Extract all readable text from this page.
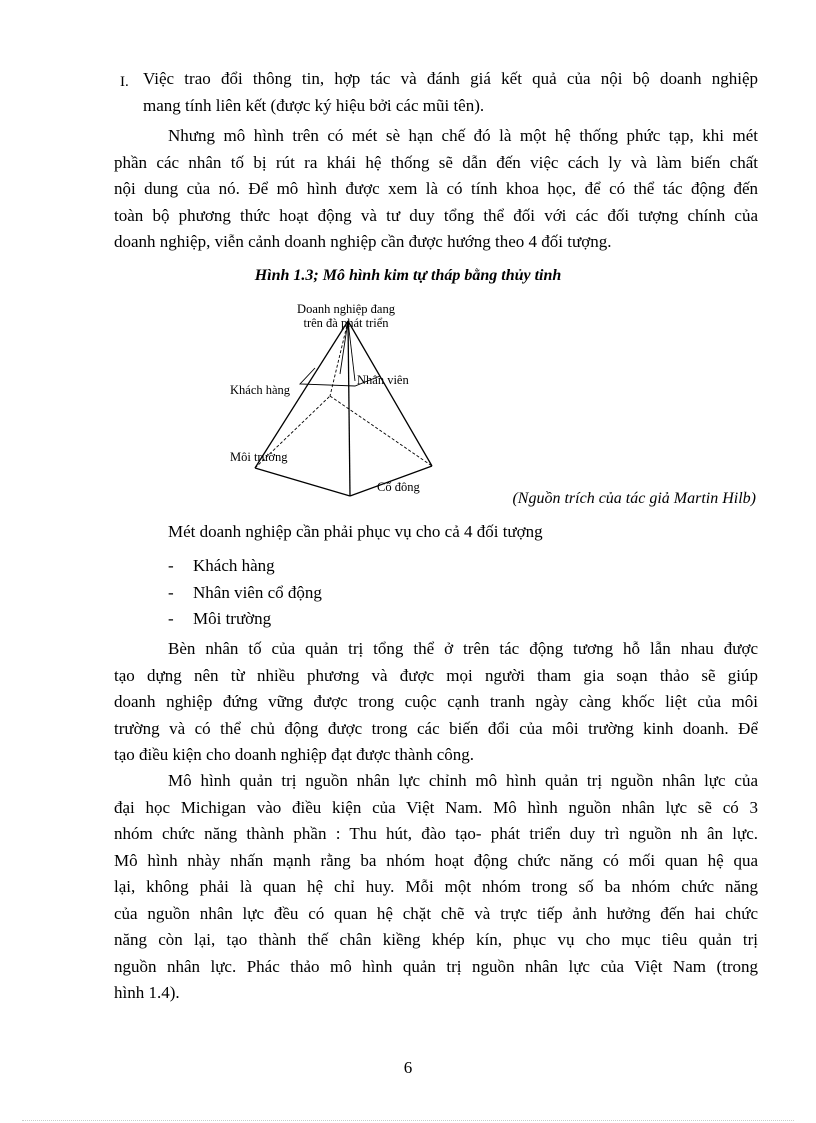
I. Việc trao đổi thông tin, hợp tác và đánh giá kết quả của nội bộ doanh nghiệp
mang tính liên kết (được ký hiệu bởi các mũi tên).
Nhưng mô hình trên có mét sè hạn chế đó là một hệ thống phức tạp, khi mét
phần các nhân tố bị rút ra khái hệ thống sẽ dẫn đến việc cách ly và làm biến chất
nội dung của nó. Để mô hình được xem là có tính khoa học, để có thể tác động đến
toàn bộ phương thức hoạt động và tư duy tổng thể đối với các đối tượng chính của
doanh nghiệp, viễn cảnh doanh nghiệp cần được hướng theo 4 đối tượng.
Hình 1.3; Mô hình kim tự tháp bằng thủy tinh
Doanh nghiệp đang
trên đà phát triển
Khách hàng
Nhân viên
Môi trường
Cổ đông
(Nguồn trích của tác giả Martin Hilb)
Mét doanh nghiệp cần phải phục vụ cho cả 4 đối tượng
-	Khách hàng
-	Nhân viên cổ động
-	Môi trường
Bèn nhân tố của quản trị tổng thể ở trên tác động tương hỗ lẫn nhau được
tạo dựng nên từ nhiều phương và được mọi người tham gia soạn thảo sẽ giúp
doanh nghiệp đứng vững được trong cuộc cạnh tranh ngày càng khốc liệt của môi
trường và có thể chủ động được trong các biến đổi của môi trường kinh doanh. Để
tạo điều kiện cho doanh nghiệp đạt được thành công.
Mô hình quản trị nguồn nhân lực chỉnh mô hình quản trị nguồn nhân lực của
đại học Michigan vào điều kiện của Việt Nam. Mô hình nguồn nhân lực sẽ có 3
nhóm chức năng thành phần : Thu hút, đào tạo- phát triển duy trì nguồn nh ân lực.
Mô hình nhày nhấn mạnh rằng ba nhóm hoạt động chức năng có mối quan hệ qua
lại, không phải là quan hệ chỉ huy. Mỗi một nhóm trong số ba nhóm chức năng
của nguồn nhân lực đều có quan hệ chặt chẽ và trực tiếp ảnh hưởng đến hai chức
năng còn lại, tạo thành thế chân kiềng khép kín, phục vụ cho mục tiêu quản trị
nguồn nhân lực. Phác thảo mô hình quản trị nguồn nhân lực của Việt Nam (trong
hình 1.4).
6
